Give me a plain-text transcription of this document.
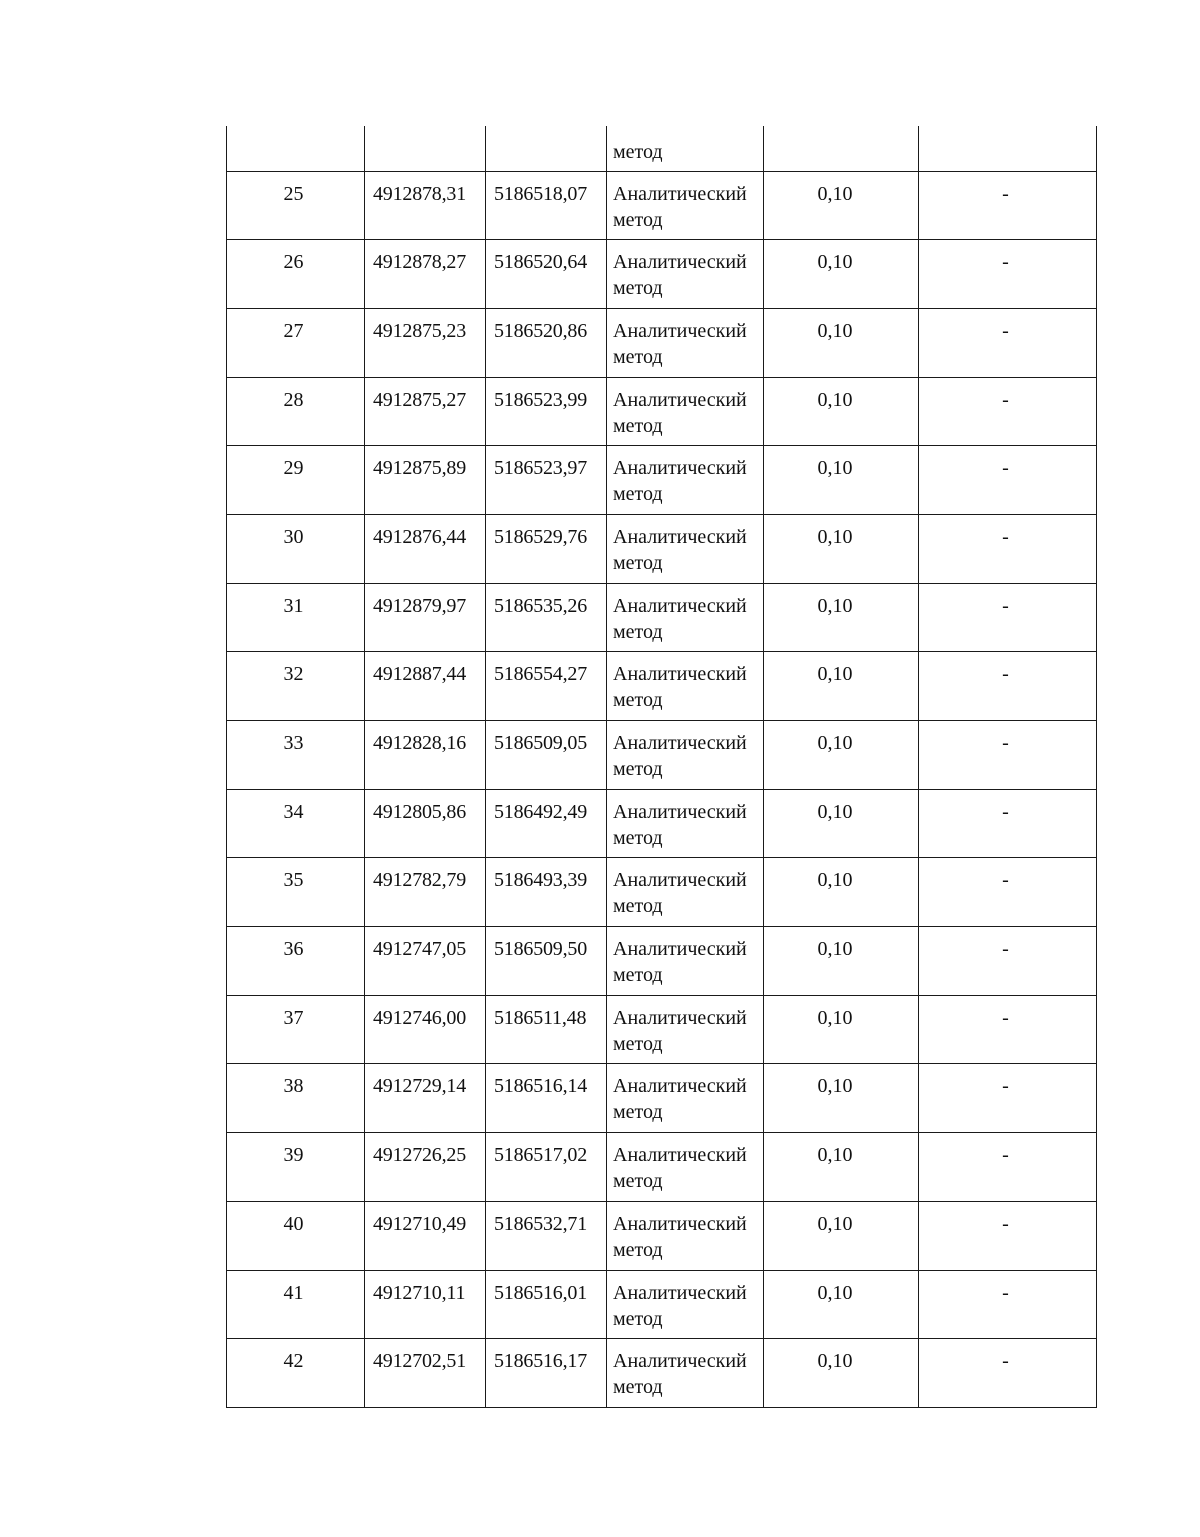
			метод		

25	4912878,31	5186518,07	Аналитический
метод	0,10	-

26	4912878,27	5186520,64	Аналитический
метод	0,10	-

27	4912875,23	5186520,86	Аналитический
метод	0,10	-

28	4912875,27	5186523,99	Аналитический
метод	0,10	-

29	4912875,89	5186523,97	Аналитический
метод	0,10	-

30	4912876,44	5186529,76	Аналитический
метод	0,10	-

31	4912879,97	5186535,26	Аналитический
метод	0,10	-

32	4912887,44	5186554,27	Аналитический
метод	0,10	-

33	4912828,16	5186509,05	Аналитический
метод	0,10	-

34	4912805,86	5186492,49	Аналитический
метод	0,10	-

35	4912782,79	5186493,39	Аналитический
метод	0,10	-

36	4912747,05	5186509,50	Аналитический
метод	0,10	-

37	4912746,00	5186511,48	Аналитический
метод	0,10	-

38	4912729,14	5186516,14	Аналитический
метод	0,10	-

39	4912726,25	5186517,02	Аналитический
метод	0,10	-

40	4912710,49	5186532,71	Аналитический
метод	0,10	-

41	4912710,11	5186516,01	Аналитический
метод	0,10	-

42	4912702,51	5186516,17	Аналитический
метод	0,10	-
